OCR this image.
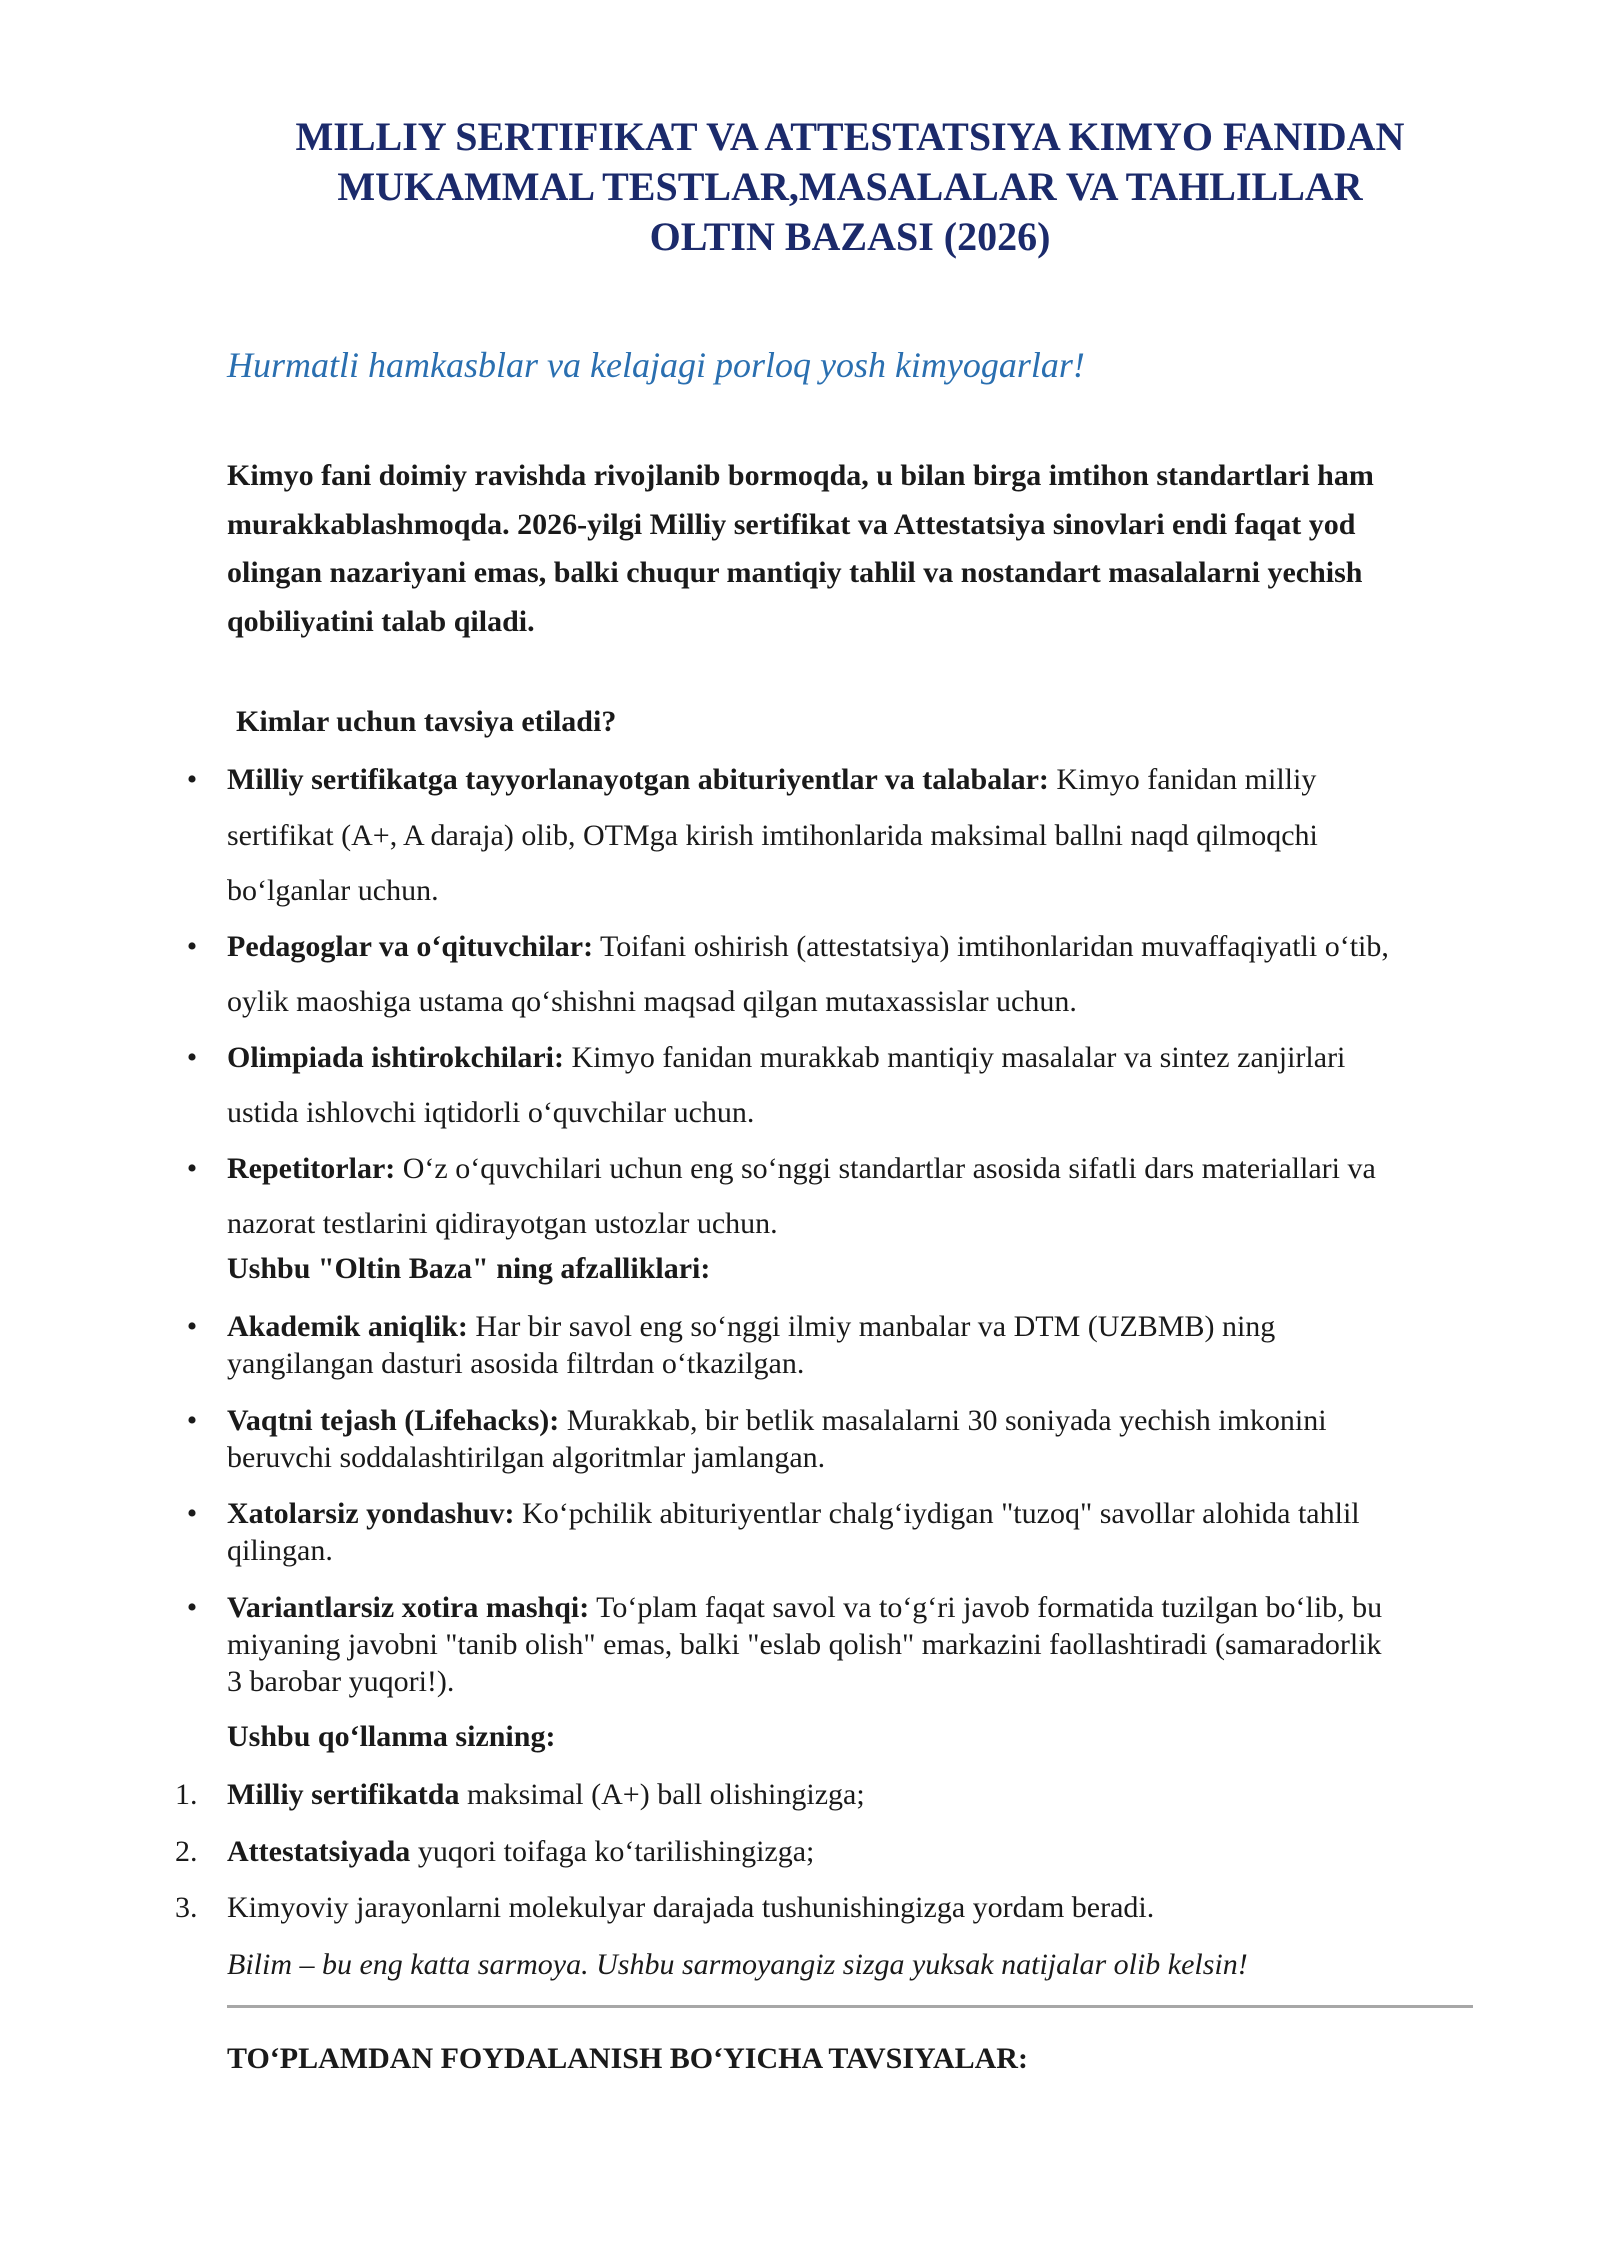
MILLIY SERTIFIKAT VA ATTESTATSIYA KIMYO FANIDAN
MUKAMMAL TESTLAR,MASALALAR VA TAHLILLAR
OLTIN BAZASI (2026)
Hurmatli hamkasblar va kelajagi porloq yosh kimyogarlar!
Kimyo fani doimiy ravishda rivojlanib bormoqda, u bilan birga imtihon standartlari ham
murakkablashmoqda. 2026-yilgi Milliy sertifikat va Attestatsiya sinovlari endi faqat yod
olingan nazariyani emas, balki chuqur mantiqiy tahlil va nostandart masalalarni yechish
qobiliyatini talab qiladi.
Kimlar uchun tavsiya etiladi?
• Milliy sertifikatga tayyorlanayotgan abituriyentlar va talabalar: Kimyo fanidan milliy
sertifikat (A+, A daraja) olib, OTMga kirish imtihonlarida maksimal ballni naqd qilmoqchi
bo‘lganlar uchun.
• Pedagoglar va o‘qituvchilar: Toifani oshirish (attestatsiya) imtihonlaridan muvaffaqiyatli o‘tib,
oylik maoshiga ustama qo‘shishni maqsad qilgan mutaxassislar uchun.
• Olimpiada ishtirokchilari: Kimyo fanidan murakkab mantiqiy masalalar va sintez zanjirlari
ustida ishlovchi iqtidorli o‘quvchilar uchun.
• Repetitorlar: O‘z o‘quvchilari uchun eng so‘nggi standartlar asosida sifatli dars materiallari va
nazorat testlarini qidirayotgan ustozlar uchun.
Ushbu "Oltin Baza" ning afzalliklari:
• Akademik aniqlik: Har bir savol eng so‘nggi ilmiy manbalar va DTM (UZBMB) ning
yangilangan dasturi asosida filtrdan o‘tkazilgan.
• Vaqtni tejash (Lifehacks): Murakkab, bir betlik masalalarni 30 soniyada yechish imkonini
beruvchi soddalashtirilgan algoritmlar jamlangan.
• Xatolarsiz yondashuv: Ko‘pchilik abituriyentlar chalg‘iydigan "tuzoq" savollar alohida tahlil
qilingan.
• Variantlarsiz xotira mashqi: To‘plam faqat savol va to‘g‘ri javob formatida tuzilgan bo‘lib, bu
miyaning javobni "tanib olish" emas, balki "eslab qolish" markazini faollashtiradi (samaradorlik
3 barobar yuqori!).
Ushbu qo‘llanma sizning:
1. Milliy sertifikatda maksimal (A+) ball olishingizga;
2. Attestatsiyada yuqori toifaga ko‘tarilishingizga;
3. Kimyoviy jarayonlarni molekulyar darajada tushunishingizga yordam beradi.
Bilim – bu eng katta sarmoya. Ushbu sarmoyangiz sizga yuksak natijalar olib kelsin!
TO‘PLAMDAN FOYDALANISH BO‘YICHA TAVSIYALAR:
